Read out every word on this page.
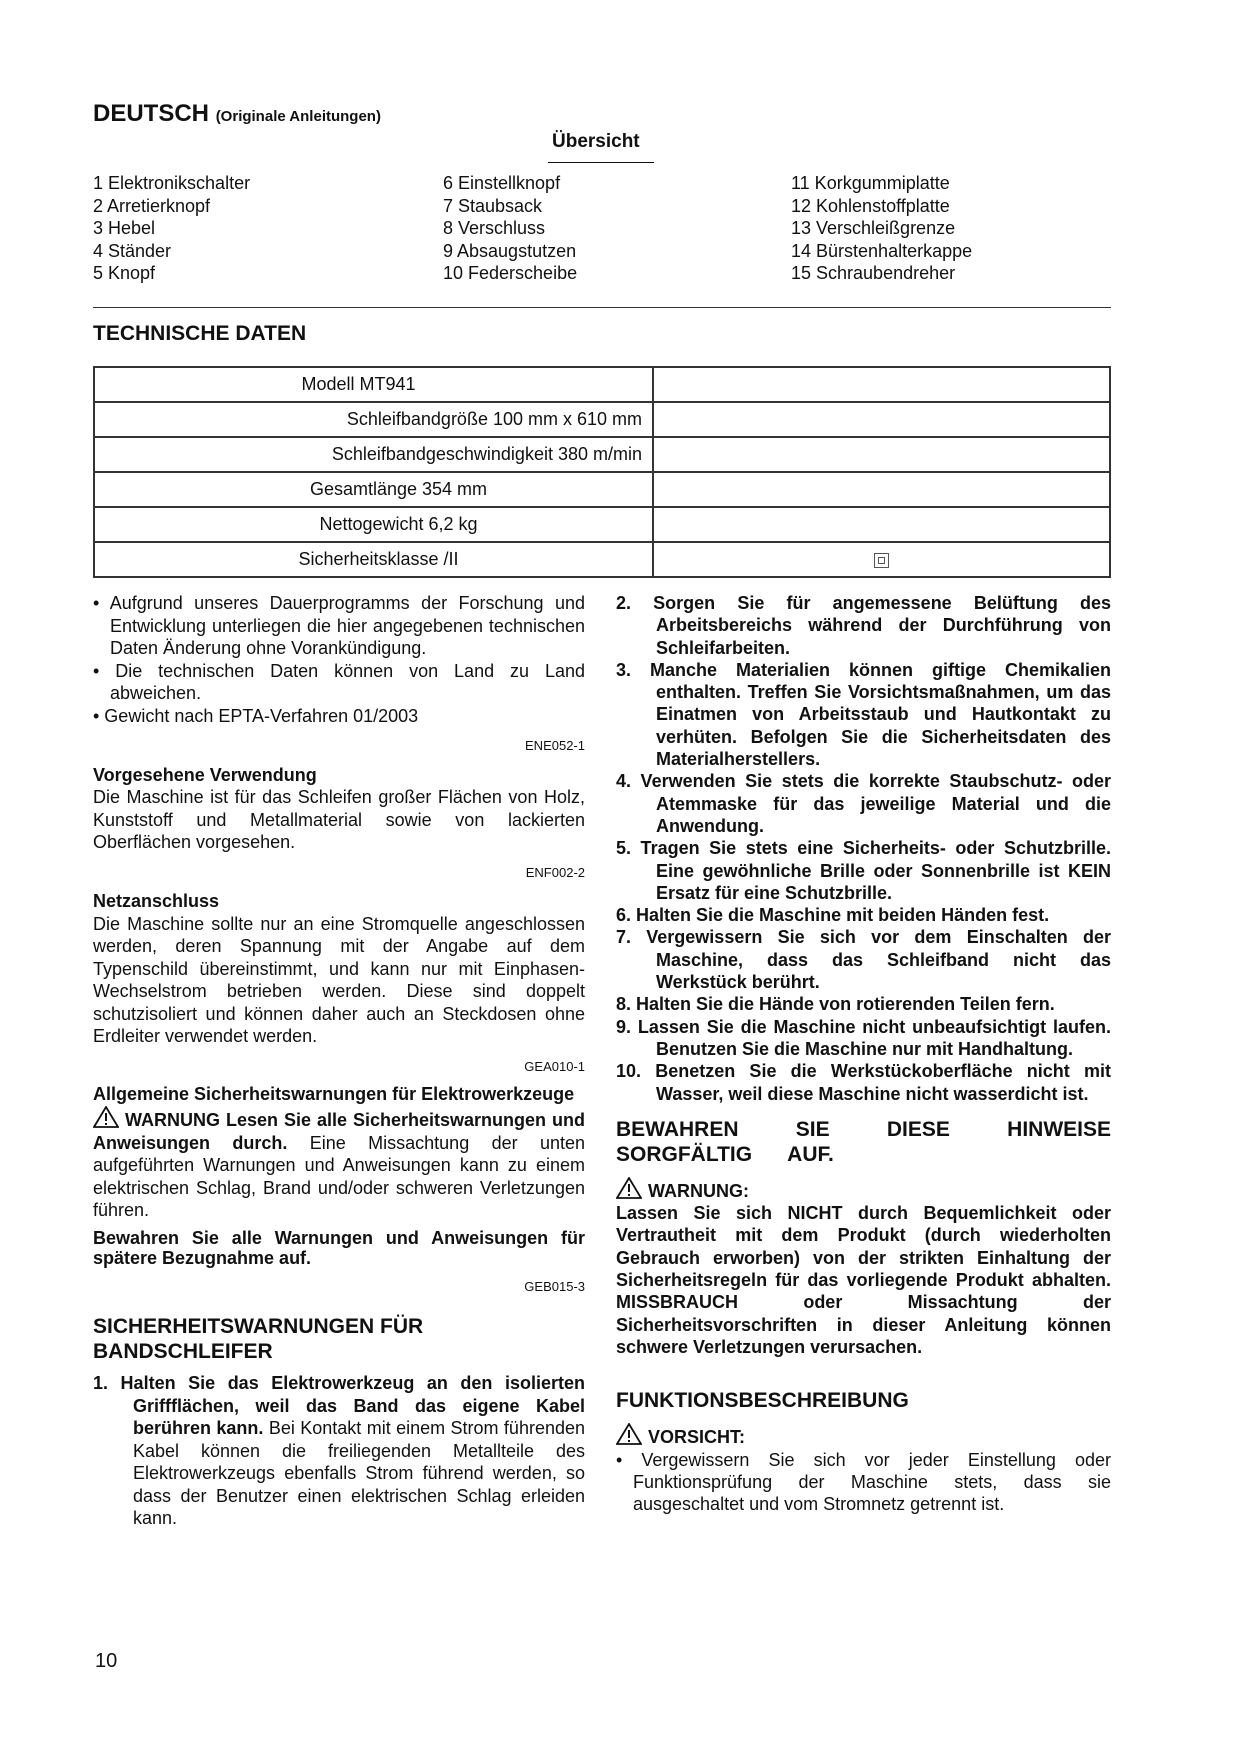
DEUTSCH (Originale Anleitungen)
Übersicht
1 Elektronikschalter
2 Arretierknopf
3 Hebel
4 Ständer
5 Knopf
6 Einstellknopf
7 Staubsack
8 Verschluss
9 Absaugstutzen
10 Federscheibe
11 Korkgummiplatte
12 Kohlenstoffplatte
13 Verschleißgrenze
14 Bürstenhalterkappe
15 Schraubendreher
TECHNISCHE DATEN
Modell MT941	
Schleifbandgröße 100 mm x 610 mm	
Schleifbandgeschwindigkeit 380 m/min	
Gesamtlänge 354 mm	
Nettogewicht 6,2 kg	
Sicherheitsklasse /II	

• Aufgrund unseres Dauerprogramms der Forschung und Entwicklung unterliegen die hier angegebenen technischen Daten Änderung ohne Vorankündigung.

• Die technischen Daten können von Land zu Land abweichen.

• Gewicht nach EPTA-Verfahren 01/2003

ENE052-1

Vorgesehene Verwendung

Die Maschine ist für das Schleifen großer Flächen von Holz, Kunststoff und Metallmaterial sowie von lackierten Oberflächen vorgesehen.

ENF002-2

Netzanschluss

Die Maschine sollte nur an eine Stromquelle angeschlossen werden, deren Spannung mit der Angabe auf dem Typenschild übereinstimmt, und kann nur mit Einphasen-Wechselstrom betrieben werden. Diese sind doppelt schutzisoliert und können daher auch an Steckdosen ohne Erdleiter verwendet werden.

GEA010-1

Allgemeine Sicherheitswarnungen für Elektrowerkzeuge

WARNUNG Lesen Sie alle Sicherheitswarnungen und Anweisungen durch. Eine Missachtung der unten aufgeführten Warnungen und Anweisungen kann zu einem elektrischen Schlag, Brand und/oder schweren Verletzungen führen.

Bewahren Sie alle Warnungen und Anweisungen für spätere Bezugnahme auf.

GEB015-3

SICHERHEITSWARNUNGEN FÜR BANDSCHLEIFER

1. Halten Sie das Elektrowerkzeug an den isolierten Griffflächen, weil das Band das eigene Kabel berühren kann. Bei Kontakt mit einem Strom führenden Kabel können die freiliegenden Metallteile des Elektrowerkzeugs ebenfalls Strom führend werden, so dass der Benutzer einen elektrischen Schlag erleiden kann.

2. Sorgen Sie für angemessene Belüftung des Arbeitsbereichs während der Durchführung von Schleifarbeiten.

3. Manche Materialien können giftige Chemikalien enthalten. Treffen Sie Vorsichtsmaßnahmen, um das Einatmen von Arbeitsstaub und Hautkontakt zu verhüten. Befolgen Sie die Sicherheitsdaten des Materialherstellers.

4. Verwenden Sie stets die korrekte Staubschutz- oder Atemmaske für das jeweilige Material und die Anwendung.

5. Tragen Sie stets eine Sicherheits- oder Schutzbrille. Eine gewöhnliche Brille oder Sonnenbrille ist KEIN Ersatz für eine Schutzbrille.

6. Halten Sie die Maschine mit beiden Händen fest.

7. Vergewissern Sie sich vor dem Einschalten der Maschine, dass das Schleifband nicht das Werkstück berührt.

8. Halten Sie die Hände von rotierenden Teilen fern.

9. Lassen Sie die Maschine nicht unbeaufsichtigt laufen. Benutzen Sie die Maschine nur mit Handhaltung.

10. Benetzen Sie die Werkstückoberfläche nicht mit Wasser, weil diese Maschine nicht wasserdicht ist.

BEWAHREN SIE DIESE HINWEISE SORGFÄLTIG AUF.

WARNUNG:

Lassen Sie sich NICHT durch Bequemlichkeit oder Vertrautheit mit dem Produkt (durch wiederholten Gebrauch erworben) von der strikten Einhaltung der Sicherheitsregeln für das vorliegende Produkt abhalten. MISSBRAUCH oder Missachtung der Sicherheitsvorschriften in dieser Anleitung können schwere Verletzungen verursachen.

FUNKTIONSBESCHREIBUNG

VORSICHT:

• Vergewissern Sie sich vor jeder Einstellung oder Funktionsprüfung der Maschine stets, dass sie ausgeschaltet und vom Stromnetz getrennt ist.

10
